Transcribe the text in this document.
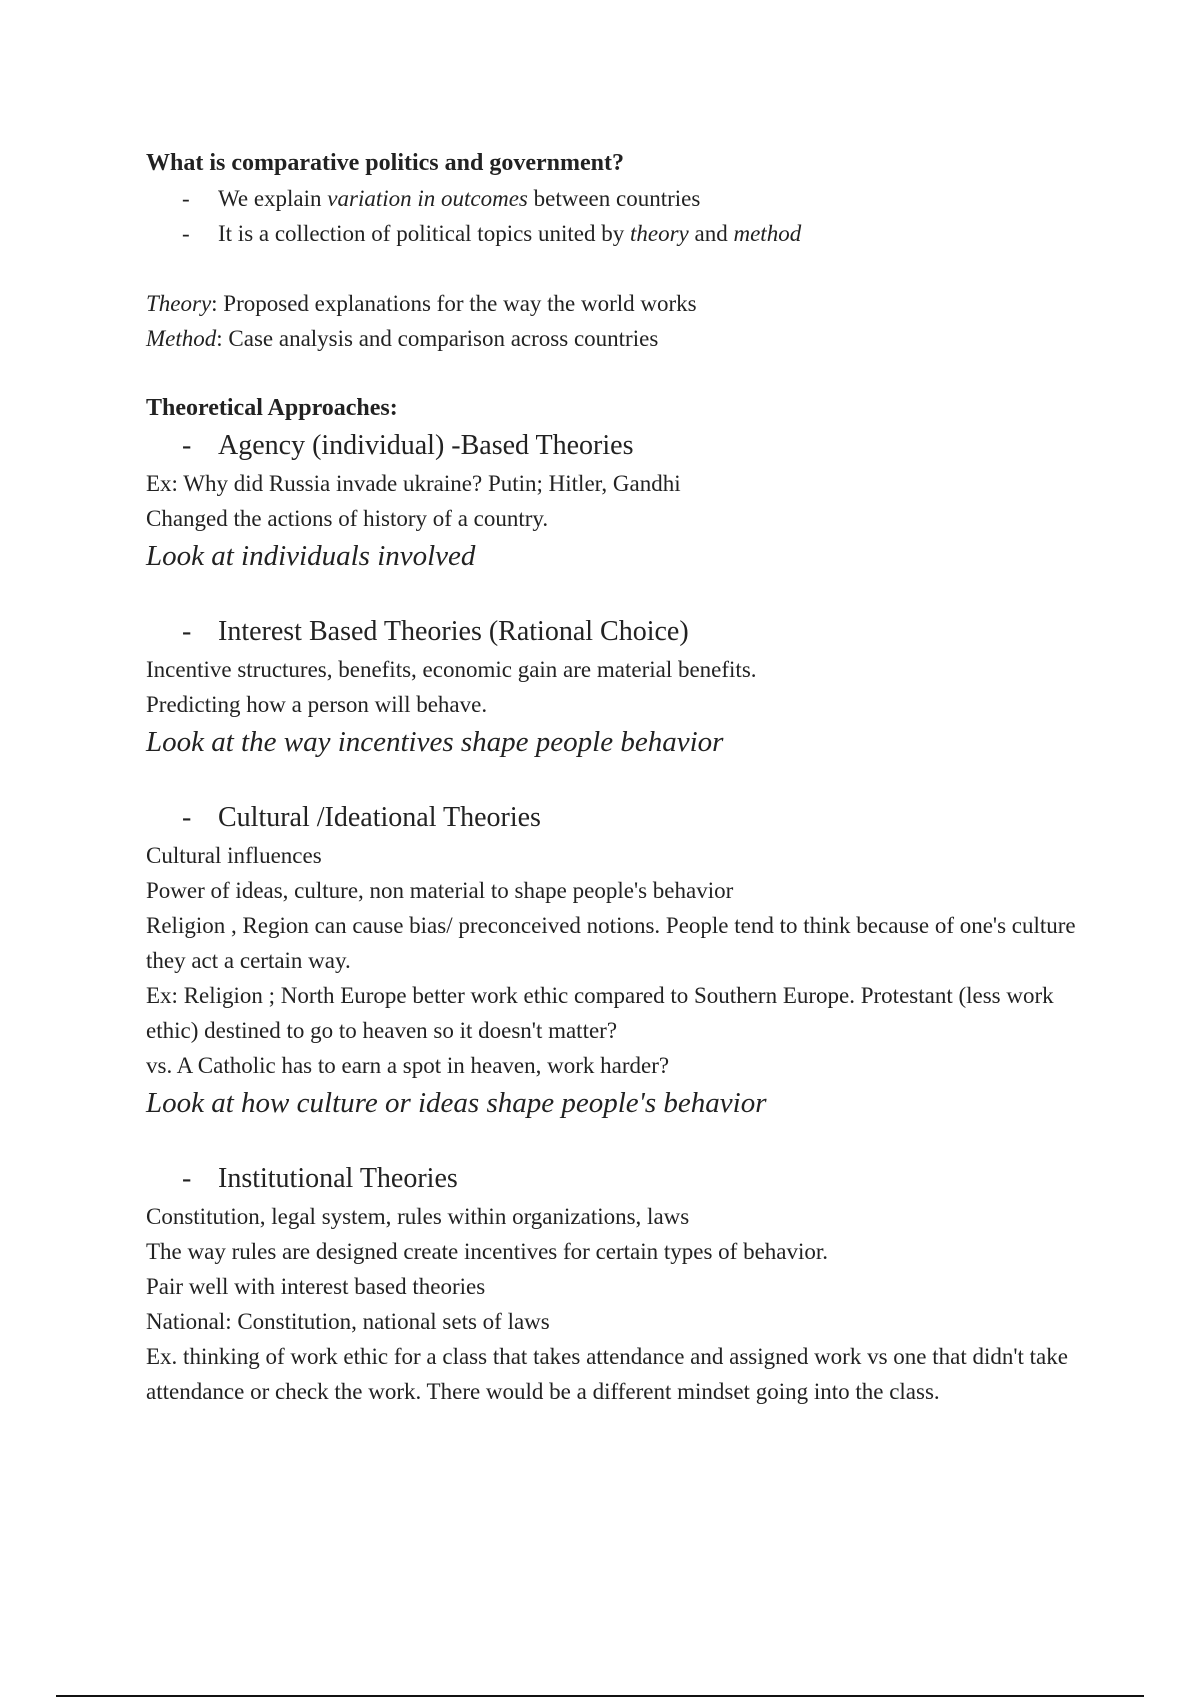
What is comparative politics and government?

- We explain variation in outcomes between countries

- It is a collection of political topics united by theory and method

Theory: Proposed explanations for the way the world works

Method: Case analysis and comparison across countries

Theoretical Approaches:

- Agency (individual) -Based Theories

Ex: Why did Russia invade ukraine? Putin; Hitler, Gandhi

Changed the actions of history of a country.

Look at individuals involved

- Interest Based Theories (Rational Choice)

Incentive structures, benefits, economic gain are material benefits.

Predicting how a person will behave.

Look at the way incentives shape people behavior

- Cultural /Ideational Theories

Cultural influences

Power of ideas, culture, non material to shape people's behavior

Religion , Region can cause bias/ preconceived notions. People tend to think because of one's culture they act a certain way.

Ex: Religion ; North Europe better work ethic compared to Southern Europe. Protestant (less work ethic) destined to go to heaven so it doesn't matter?

vs. A Catholic has to earn a spot in heaven, work harder?

Look at how culture or ideas shape people's behavior

- Institutional Theories

Constitution, legal system, rules within organizations, laws

The way rules are designed create incentives for certain types of behavior.

Pair well with interest based theories

National: Constitution, national sets of laws

Ex. thinking of work ethic for a class that takes attendance and assigned work vs one that didn't take attendance or check the work. There would be a different mindset going into the class.
